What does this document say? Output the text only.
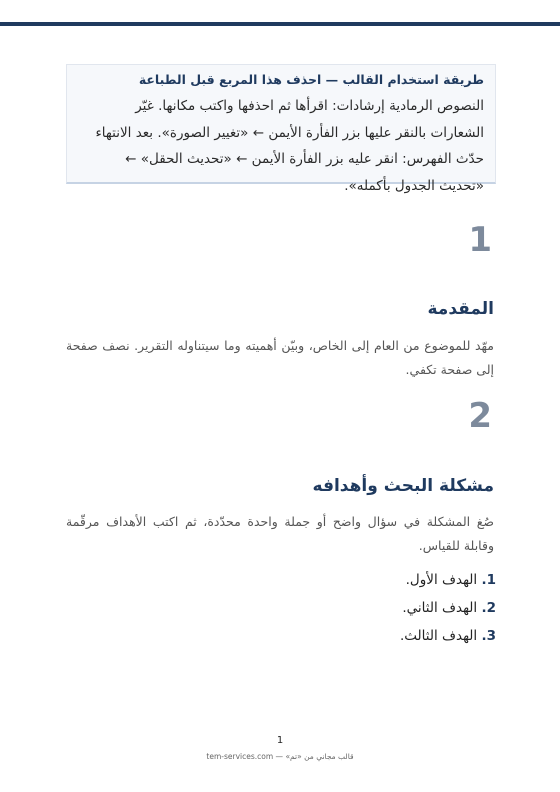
طريقة استخدام القالب — احذف هذا المربع قبل الطباعة

النصوص الرمادية إرشادات: اقرأها ثم احذفها واكتب مكانها. غيّر الشعارات بالنقر عليها بزر الفأرة الأيمن ← «تغيير الصورة». بعد الانتهاء حدّث الفهرس: انقر عليه بزر الفأرة الأيمن ← «تحديث الحقل» ← «تحديث الجدول بأكمله».

1
المقدمة

مهّد للموضوع من العام إلى الخاص، وبيّن أهميته وما سيتناوله التقرير. نصف صفحة إلى صفحة تكفي.

2
مشكلة البحث وأهدافه

صُغ المشكلة في سؤال واضح أو جملة واحدة محدّدة، ثم اكتب الأهداف مرقّمة وقابلة للقياس.

1. الهدف الأول.
2. الهدف الثاني.
3. الهدف الثالث.
1
قالب مجاني من «تم» — tem-services.com
